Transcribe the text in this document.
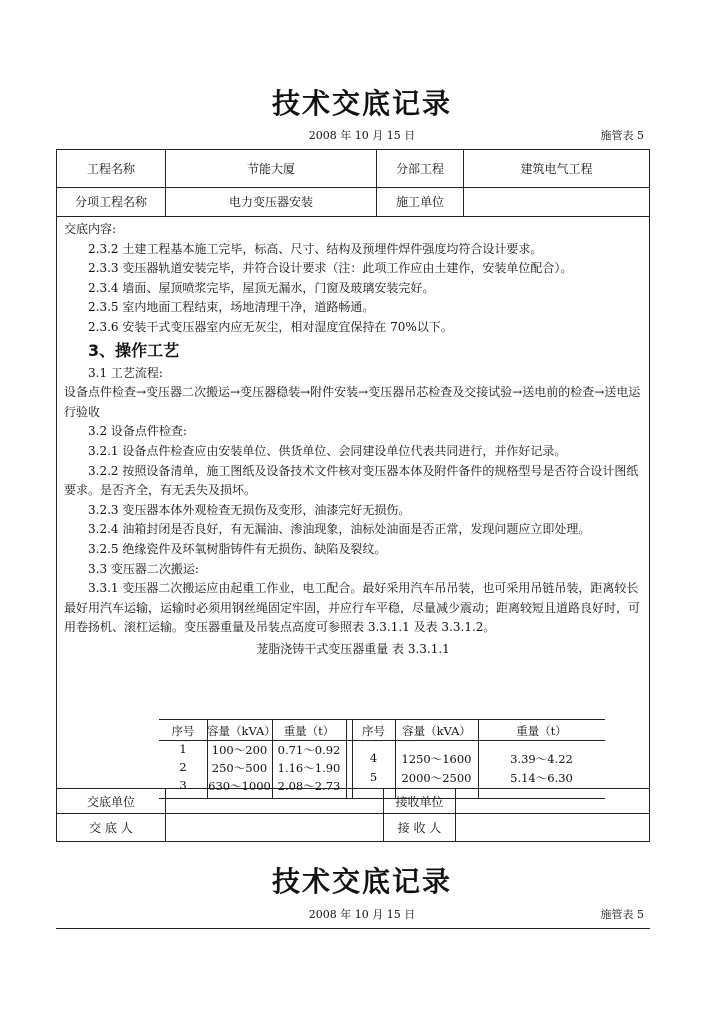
技术交底记录
2008 年 10 月 15 日	施管表 5
工程名称	节能大厦	分部工程	建筑电气工程
分项工程名称	电力变压器安装	施工单位

交底内容:

2.3.2 土建工程基本施工完毕，标高、尺寸、结构及预埋件焊件强度均符合设计要求。

2.3.3 变压器轨道安装完毕，并符合设计要求（注：此项工作应由土建作，安装单位配合）。

2.3.4 墙面、屋顶喷浆完毕，屋顶无漏水，门窗及玻璃安装完好。

2.3.5 室内地面工程结束，场地清理干净，道路畅通。

2.3.6 安装干式变压器室内应无灰尘，相对湿度宜保持在 70%以下。

3、操作工艺

3.1 工艺流程:

设备点件检查→变压器二次搬运→变压器稳装→附件安装→变压器吊芯检查及交接试验→送电前的检查→送电运行验收

3.2 设备点件检查:

3.2.1 设备点件检查应由安装单位、供货单位、会同建设单位代表共同进行，并作好记录。

3.2.2 按照设备清单，施工图纸及设备技术文件核对变压器本体及附件备件的规格型号是否符合设计图纸要求。是否齐全，有无丢失及损坏。

3.2.3 变压器本体外观检查无损伤及变形，油漆完好无损伤。

3.2.4 油箱封闭是否良好，有无漏油、渗油现象，油标处油面是否正常，发现问题应立即处理。

3.2.5 绝缘瓷件及环氧树脂铸件有无损伤、缺陷及裂纹。

3.3 变压器二次搬运:

3.3.1 变压器二次搬运应由起重工作业，电工配合。最好采用汽车吊吊装，也可采用吊链吊装，距离较长最好用汽车运输，运输时必须用钢丝绳固定牢固，并应行车平稳，尽量减少震动；距离较短且道路良好时，可用卷扬机、滚杠运输。变压器重量及吊装点高度可参照表 3.3.1.1 及表 3.3.1.2。

茏脂浇铸干式变压器重量 表 3.3.1.1

序号	容量（kVA） 重量（t）	序号	容量（kVA）	重量（t）
1	100～200 0.71～0.92
2	250～500 1.16～1.90
3	630～1000 2.08～2.73
4	1250～1600	3.39～4.22
5	2000～2500	5.14～6.30
交底单位	接收单位
交 底 人	接 收 人
技术交底记录
2008 年 10 月 15 日	施管表 5
